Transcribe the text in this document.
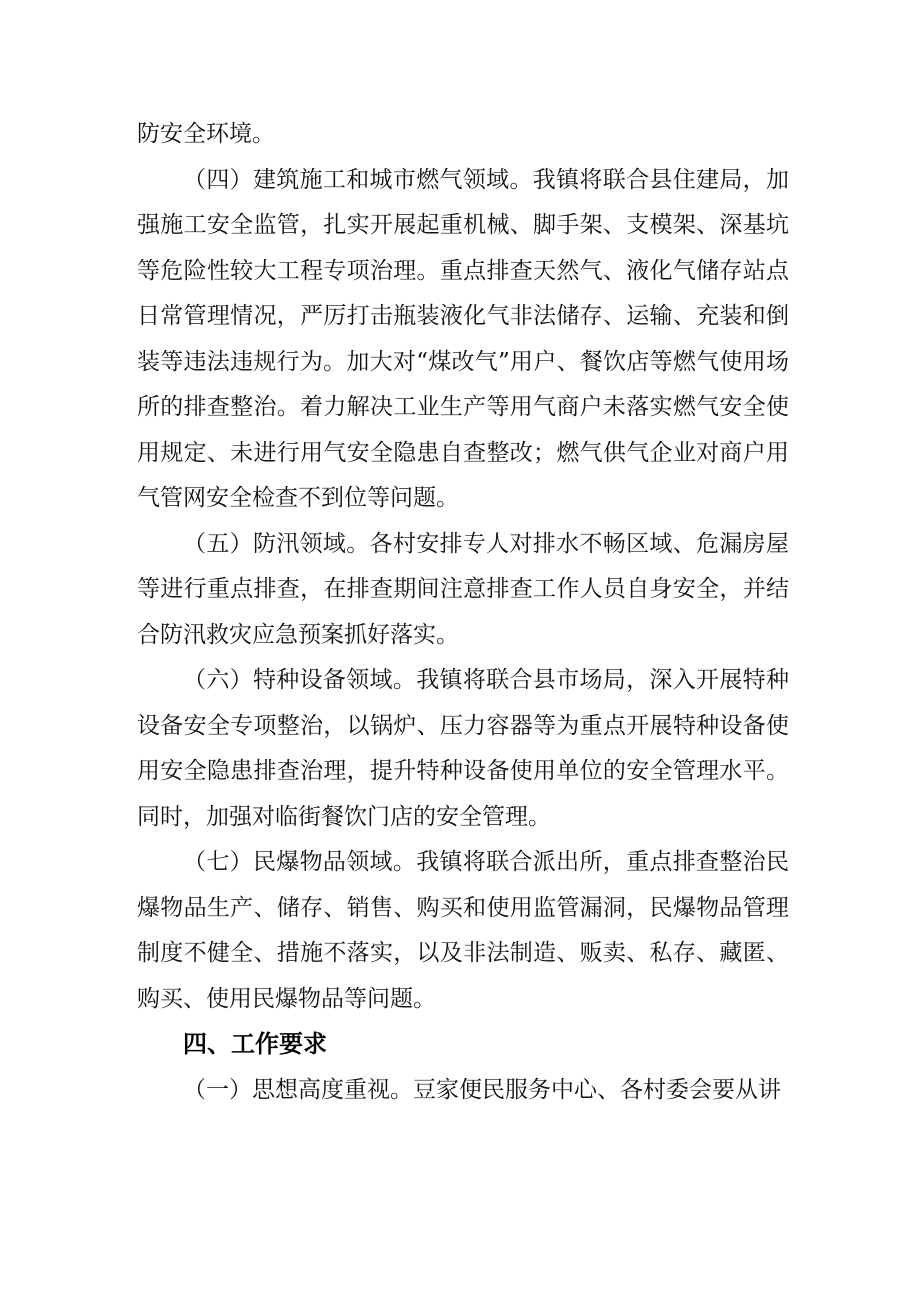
防安全环境。

（四）建筑施工和城市燃气领域。我镇将联合县住建局，加强施工安全监管，扎实开展起重机械、脚手架、支模架、深基坑等危险性较大工程专项治理。重点排查天然气、液化气储存站点日常管理情况，严厉打击瓶装液化气非法储存、运输、充装和倒装等违法违规行为。加大对“煤改气”用户、餐饮店等燃气使用场所的排查整治。着力解决工业生产等用气商户未落实燃气安全使用规定、未进行用气安全隐患自查整改；燃气供气企业对商户用气管网安全检查不到位等问题。

（五）防汛领域。各村安排专人对排水不畅区域、危漏房屋等进行重点排查，在排查期间注意排查工作人员自身安全，并结合防汛救灾应急预案抓好落实。

（六）特种设备领域。我镇将联合县市场局，深入开展特种设备安全专项整治，以锅炉、压力容器等为重点开展特种设备使用安全隐患排查治理，提升特种设备使用单位的安全管理水平。同时，加强对临街餐饮门店的安全管理。

（七）民爆物品领域。我镇将联合派出所，重点排查整治民爆物品生产、储存、销售、购买和使用监管漏洞，民爆物品管理制度不健全、措施不落实，以及非法制造、贩卖、私存、藏匿、购买、使用民爆物品等问题。

四、工作要求

（一）思想高度重视。豆家便民服务中心、各村委会要从讲
